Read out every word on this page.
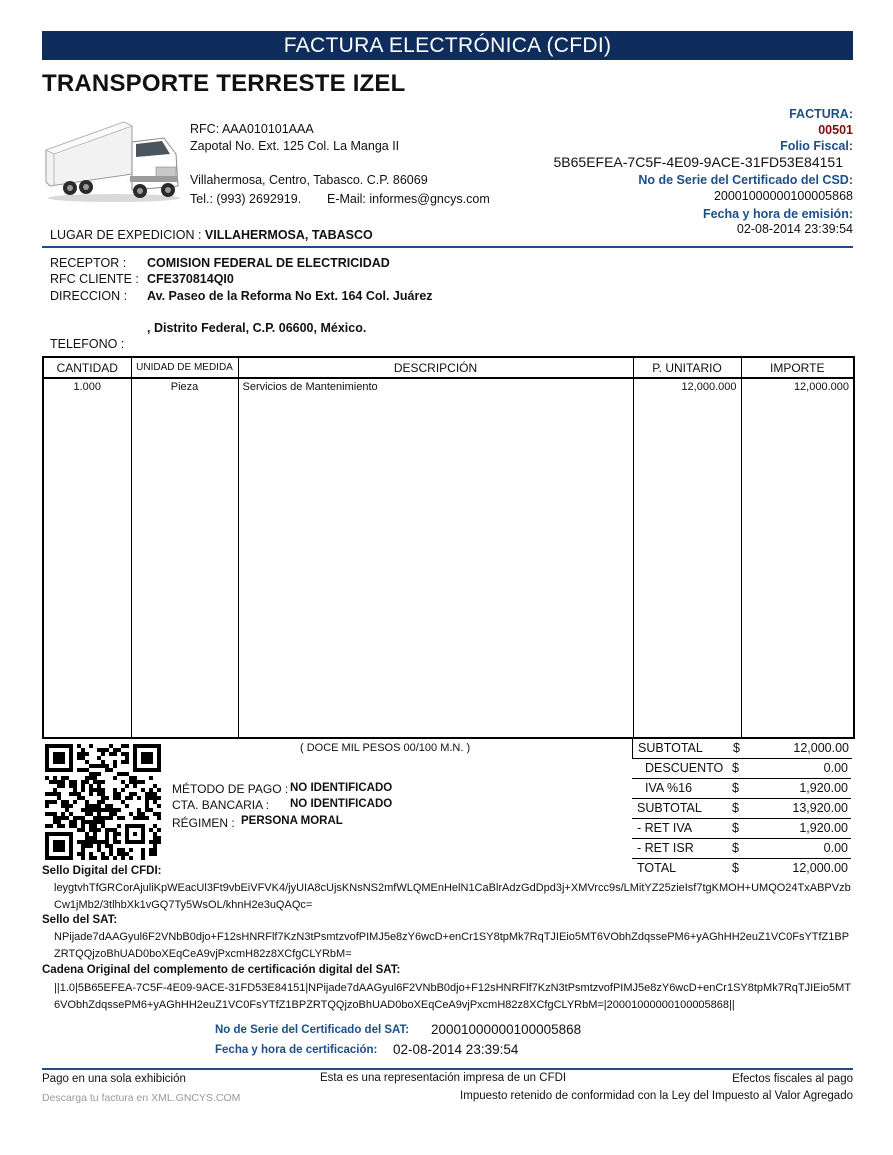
FACTURA ELECTRÓNICA (CFDI)
TRANSPORTE TERRESTE IZEL
RFC: AAA010101AAA
Zapotal No. Ext. 125 Col. La Manga II
Villahermosa, Centro, Tabasco. C.P. 86069
Tel.: (993) 2692919. E-Mail: informes@gncys.com
FACTURA:
00501
Folio Fiscal:
5B65EFEA-7C5F-4E09-9ACE-31FD53E84151
No de Serie del Certificado del CSD:
20001000000100005868
Fecha y hora de emisión:
02-08-2014 23:39:54
LUGAR DE EXPEDICION : VILLAHERMOSA, TABASCO
RECEPTOR : COMISION FEDERAL DE ELECTRICIDAD
RFC CLIENTE : CFE370814QI0
DIRECCION : Av. Paseo de la Reforma No Ext. 164 Col. Juárez
, Distrito Federal, C.P. 06600, México.
TELEFONO :
CANTIDAD	UNIDAD DE MEDIDA	DESCRIPCIÓN	P. UNITARIO	IMPORTE
1.000	Pieza	Servicios de Mantenimiento	12,000.000	12,000.000
( DOCE MIL PESOS 00/100 M.N. )
MÉTODO DE PAGO : NO IDENTIFICADO
CTA. BANCARIA : NO IDENTIFICADO
RÉGIMEN : PERSONA MORAL
SUBTOTAL $	12,000.00
DESCUENTO $	0.00
IVA %16	$	1,920.00
SUBTOTAL $	13,920.00
- RET IVA	$	1,920.00
- RET ISR	$	0.00
TOTAL	$	12,000.00
Sello Digital del CFDI:
leygtvhTfGRCorAjuliKpWEacUl3Ft9vbEiVFVK4/jyUIA8cUjsKNsNS2mfWLQMEnHelN1CaBlrAdzGdDpd3j+XMVrcc9s/LMitYZ25zieIsf7tgKMOH+UMQO24TxABPVzbCw1jMb2/3tlhbXk1vGQ7Ty5WsOL/khnH2e3uQAQc=
Sello del SAT:
NPijade7dAAGyul6F2VNbB0djo+F12sHNRFlf7KzN3tPsmtzvofPIMJ5e8zY6wcD+enCr1SY8tpMk7RqTJIEio5MT6VObhZdqssePM6+yAGhHH2euZ1VC0FsYTfZ1BPZRTQQjzoBhUAD0boXEqCeA9vjPxcmH82z8XCfgCLYRbM=
Cadena Original del complemento de certificación digital del SAT:
||1.0|5B65EFEA-7C5F-4E09-9ACE-31FD53E84151|NPijade7dAAGyul6F2VNbB0djo+F12sHNRFlf7KzN3tPsmtzvofPIMJ5e8zY6wcD+enCr1SY8tpMk7RqTJIEio5MT6VObhZdqssePM6+yAGhHH2euZ1VC0FsYTfZ1BPZRTQQjzoBhUAD0boXEqCeA9vjPxcmH82z8XCfgCLYRbM=|20001000000100005868||
No de Serie del Certificado del SAT: 20001000000100005868
Fecha y hora de certificación: 02-08-2014 23:39:54
Pago en una sola exhibición
Descarga tu factura en XML.GNCYS.COM
Esta es una representación impresa de un CFDI	Efectos fiscales al pago
Impuesto retenido de conformidad con la Ley del Impuesto al Valor Agregado
